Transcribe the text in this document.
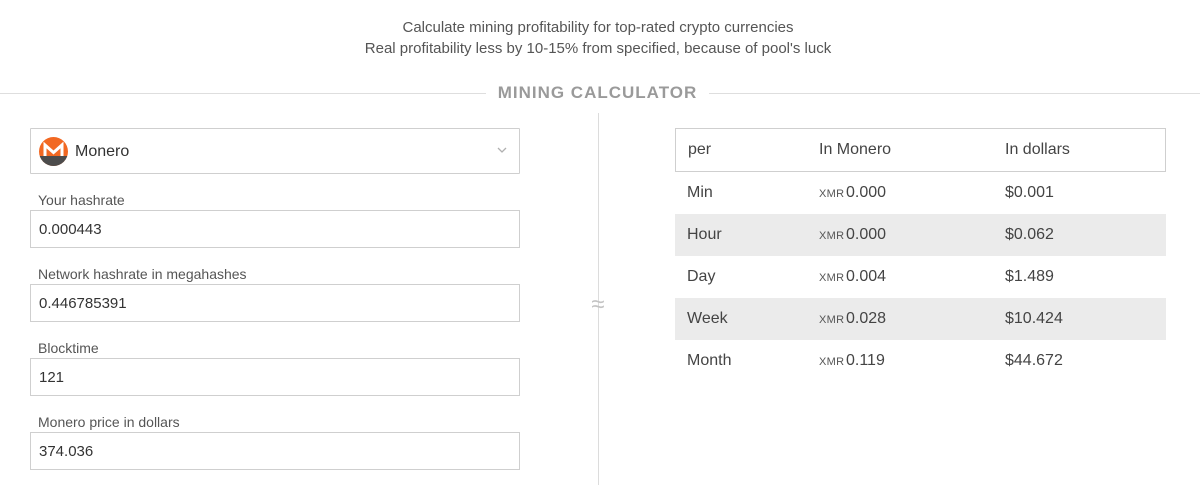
Calculate mining profitability for top-rated crypto currencies
Real profitability less by 10-15% from specified, because of pool's luck
MINING CALCULATOR
Monero
Your hashrate
0.000443
Network hashrate in megahashes
0.446785391
Blocktime
121
Monero price in dollars
374.036
≈
per	In Monero	In dollars
Min	XMR 0.000	$0.001
Hour	XMR 0.000	$0.062
Day	XMR 0.004	$1.489
Week	XMR 0.028	$10.424
Month	XMR 0.119	$44.672
